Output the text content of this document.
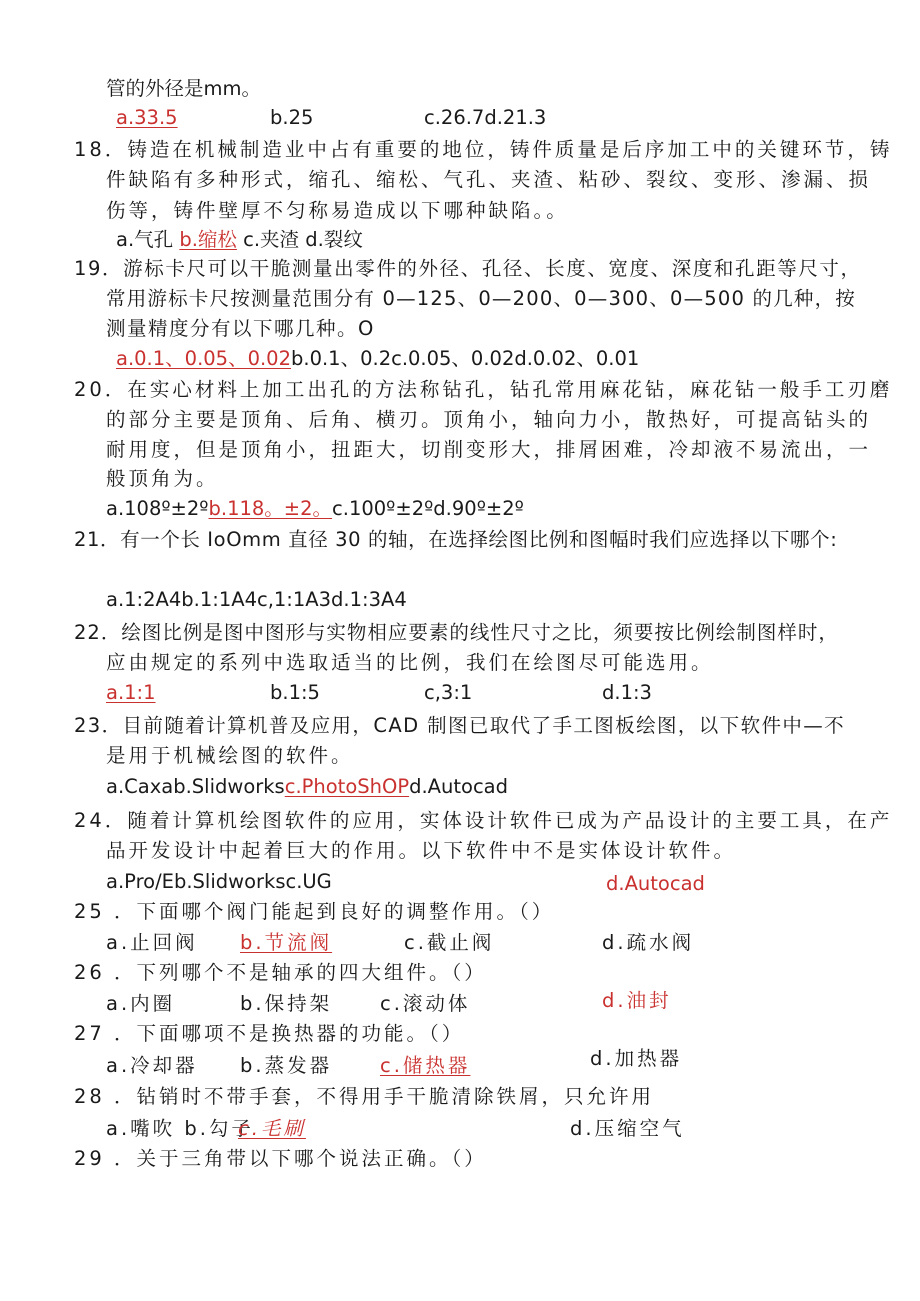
管的外径是mm。
a.33.5	b.25	c.26.7d.21.3
18．铸造在机械制造业中占有重要的地位，铸件质量是后序加工中的关键环节，铸
件缺陷有多种形式，缩孔、缩松、气孔、夹渣、粘砂、裂纹、变形、渗漏、损
伤等，铸件壁厚不匀称易造成以下哪种缺陷。。
a.气孔 b.缩松 c.夹渣 d.裂纹
19．游标卡尺可以干脆测量出零件的外径、孔径、长度、宽度、深度和孔距等尺寸，
常用游标卡尺按测量范围分有 0—125、0—200、0—300、0—500 的几种，按
测量精度分有以下哪几种。O
a.0.1、0.05、0.02b.0.1、0.2c.0.05、0.02d.0.02、0.01
20．在实心材料上加工出孔的方法称钻孔，钻孔常用麻花钻，麻花钻一般手工刃磨
的部分主要是顶角、后角、横刃。顶角小，轴向力小，散热好，可提高钻头的
耐用度，但是顶角小，扭距大，切削变形大，排屑困难，冷却液不易流出，一
般顶角为。
a.108º±2ºb.118。±2。c.100º±2ºd.90º±2º
21．有一个长 IoOmm 直径 30 的轴，在选择绘图比例和图幅时我们应选择以下哪个:
a.1:2A4b.1:1A4c,1:1A3d.1:3A4
22．绘图比例是图中图形与实物相应要素的线性尺寸之比，须要按比例绘制图样时，
应由规定的系列中选取适当的比例，我们在绘图尽可能选用。
a.1:1	b.1:5	c,3:1	d.1:3
23．目前随着计算机普及应用，CAD 制图已取代了手工图板绘图，以下软件中—不
是用于机械绘图的软件。
a.Caxab.Slidworksc.PhotoShOPd.Autocad
24．随着计算机绘图软件的应用，实体设计软件已成为产品设计的主要工具，在产
品开发设计中起着巨大的作用。以下软件中不是实体设计软件。
a.Pro/Eb.Slidworksc.UG	d.Autocad
25 ．下面哪个阀门能起到良好的调整作用。（）
a.止回阀 b.节流阀	c.截止阀	d.疏水阀
26 ．下列哪个不是轴承的四大组件。（）
a.内圈	b.保持架 c.滚动体	d.油封
27 ．下面哪项不是换热器的功能。（）
a.冷却器 b.蒸发器 c.储热器	d.加热器
28 ．钻销时不带手套，不得用手干脆清除铁屑，只允许用
a.嘴吹 b.勾子
c.毛刷	d.压缩空气
29 ．关于三角带以下哪个说法正确。（）
